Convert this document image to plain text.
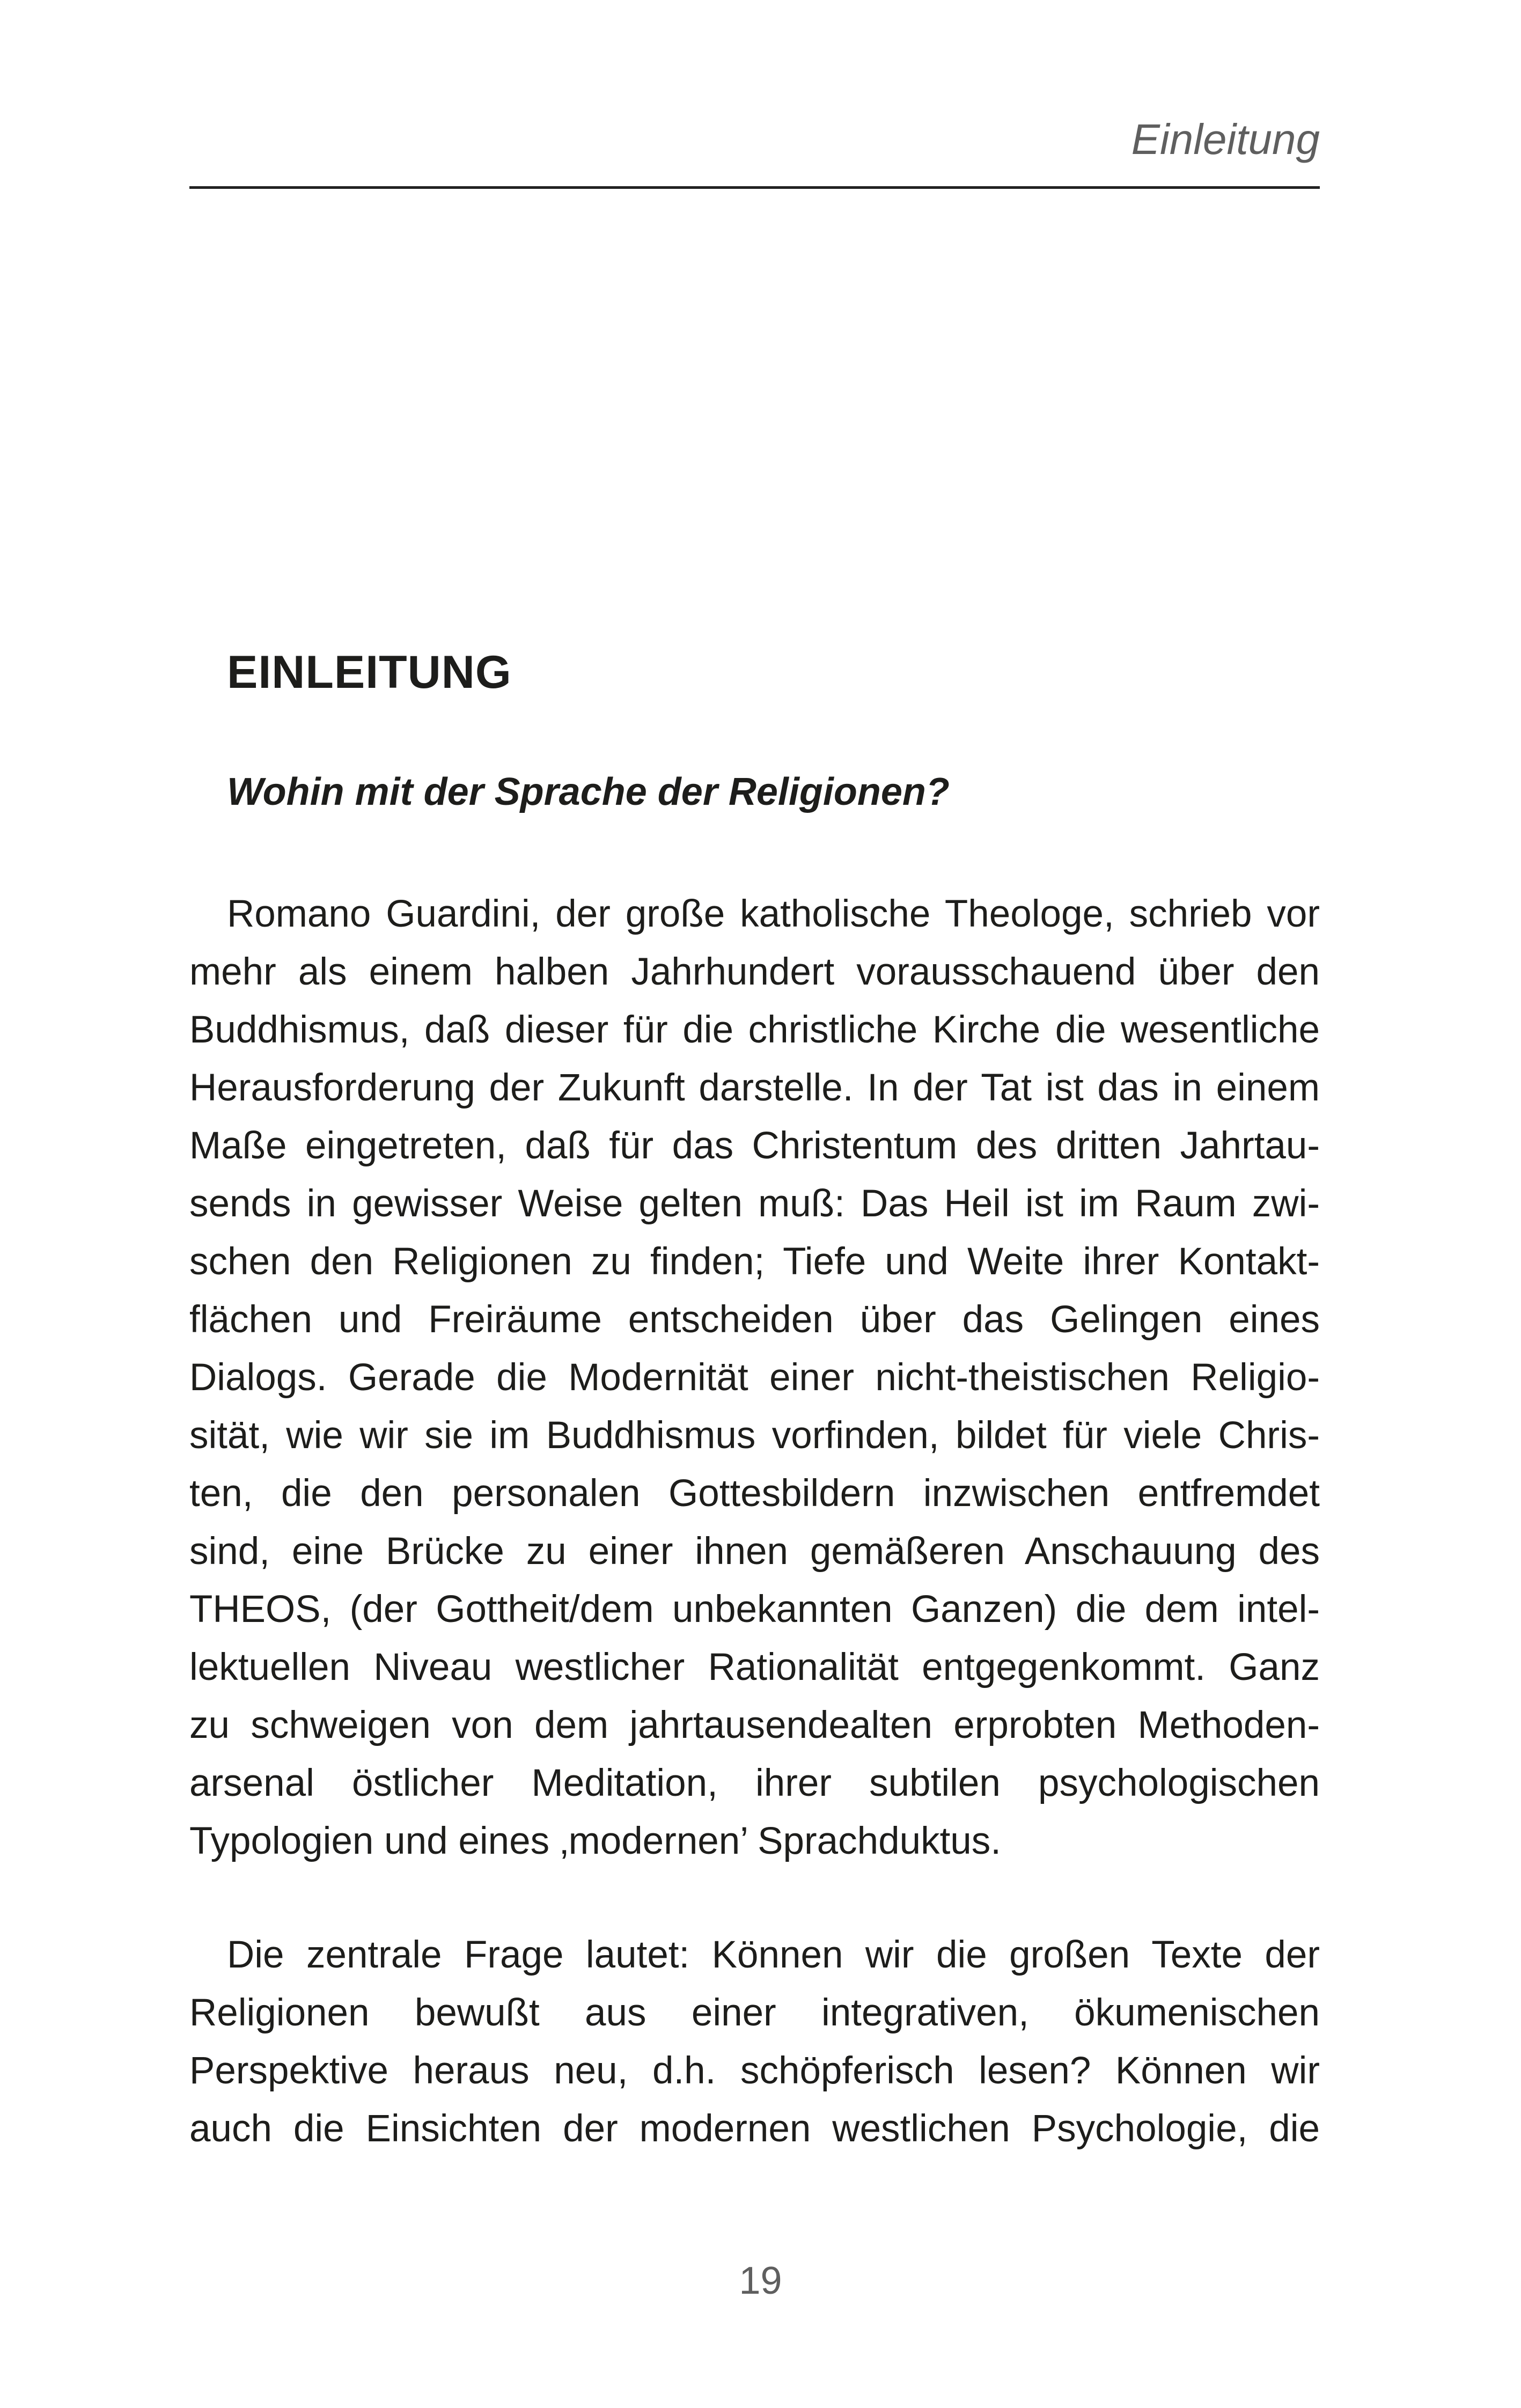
Einleitung
EINLEITUNG
Wohin mit der Sprache der Religionen?
Romano Guardini, der große katholische Theologe, schrieb vor
mehr als einem halben Jahrhundert vorausschauend über den
Buddhismus, daß dieser für die christliche Kirche die wesentliche
Herausforderung der Zukunft darstelle. In der Tat ist das in einem
Maße eingetreten, daß für das Christentum des dritten Jahrtau-
sends in gewisser Weise gelten muß: Das Heil ist im Raum zwi-
schen den Religionen zu finden; Tiefe und Weite ihrer Kontakt-
flächen und Freiräume entscheiden über das Gelingen eines
Dialogs. Gerade die Modernität einer nicht-theistischen Religio-
sität, wie wir sie im Buddhismus vorfinden, bildet für viele Chris-
ten, die den personalen Gottesbildern inzwischen entfremdet
sind, eine Brücke zu einer ihnen gemäßeren Anschauung des
THEOS, (der Gottheit/dem unbekannten Ganzen) die dem intel-
lektuellen Niveau westlicher Rationalität entgegenkommt. Ganz
zu schweigen von dem jahrtausendealten erprobten Methoden-
arsenal östlicher Meditation, ihrer subtilen psychologischen
Typologien und eines ‚modernen’ Sprachduktus.
Die zentrale Frage lautet: Können wir die großen Texte der
Religionen bewußt aus einer integrativen, ökumenischen
Perspektive heraus neu, d.h. schöpferisch lesen? Können wir
auch die Einsichten der modernen westlichen Psychologie, die
19
